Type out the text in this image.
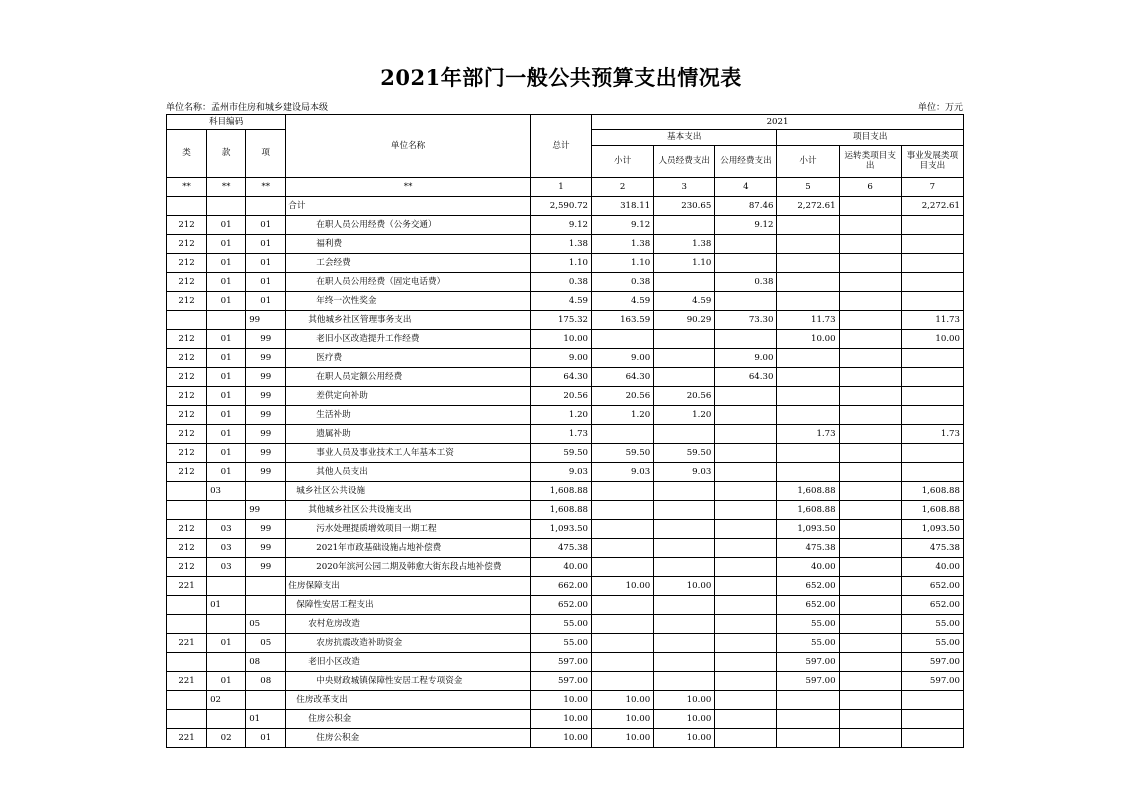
2021年部门一般公共预算支出情况表
单位名称：孟州市住房和城乡建设局本级	单位：万元
科目编码			单位名称	总计	2021					
类	款	项			基本支出			项目支出		
					小计	人员经费支出	公用经费支出	小计	运转类项目支出	事业发展类项目支出
**	**	**	**	1	2	3	4	5	6	7
			合计	2,590.72	318.11	230.65	87.46	2,272.61		2,272.61
212	01	01	在职人员公用经费（公务交通）	9.12	9.12		9.12			
212	01	01	福利费	1.38	1.38	1.38				
212	01	01	工会经费	1.10	1.10	1.10				
212	01	01	在职人员公用经费（固定电话费）	0.38	0.38		0.38			
212	01	01	年终一次性奖金	4.59	4.59	4.59				
		99	其他城乡社区管理事务支出	175.32	163.59	90.29	73.30	11.73		11.73
212	01	99	老旧小区改造提升工作经费	10.00				10.00		10.00
212	01	99	医疗费	9.00	9.00		9.00			
212	01	99	在职人员定额公用经费	64.30	64.30		64.30			
212	01	99	差供定向补助	20.56	20.56	20.56				
212	01	99	生活补助	1.20	1.20	1.20				
212	01	99	遗属补助	1.73				1.73		1.73
212	01	99	事业人员及事业技术工人年基本工资	59.50	59.50	59.50				
212	01	99	其他人员支出	9.03	9.03	9.03				
	03		城乡社区公共设施	1,608.88				1,608.88		1,608.88
		99	其他城乡社区公共设施支出	1,608.88				1,608.88		1,608.88
212	03	99	污水处理提质增效项目一期工程	1,093.50				1,093.50		1,093.50
212	03	99	2021年市政基础设施占地补偿费	475.38				475.38		475.38
212	03	99	2020年滨河公园二期及韩愈大街东段占地补偿费	40.00				40.00		40.00
221			住房保障支出	662.00	10.00	10.00		652.00		652.00
	01		保障性安居工程支出	652.00				652.00		652.00
		05	农村危房改造	55.00				55.00		55.00
221	01	05	农房抗震改造补助资金	55.00				55.00		55.00
		08	老旧小区改造	597.00				597.00		597.00
221	01	08	中央财政城镇保障性安居工程专项资金	597.00				597.00		597.00
	02		住房改革支出	10.00	10.00	10.00				
		01	住房公积金	10.00	10.00	10.00				
221	02	01	住房公积金	10.00	10.00	10.00				
